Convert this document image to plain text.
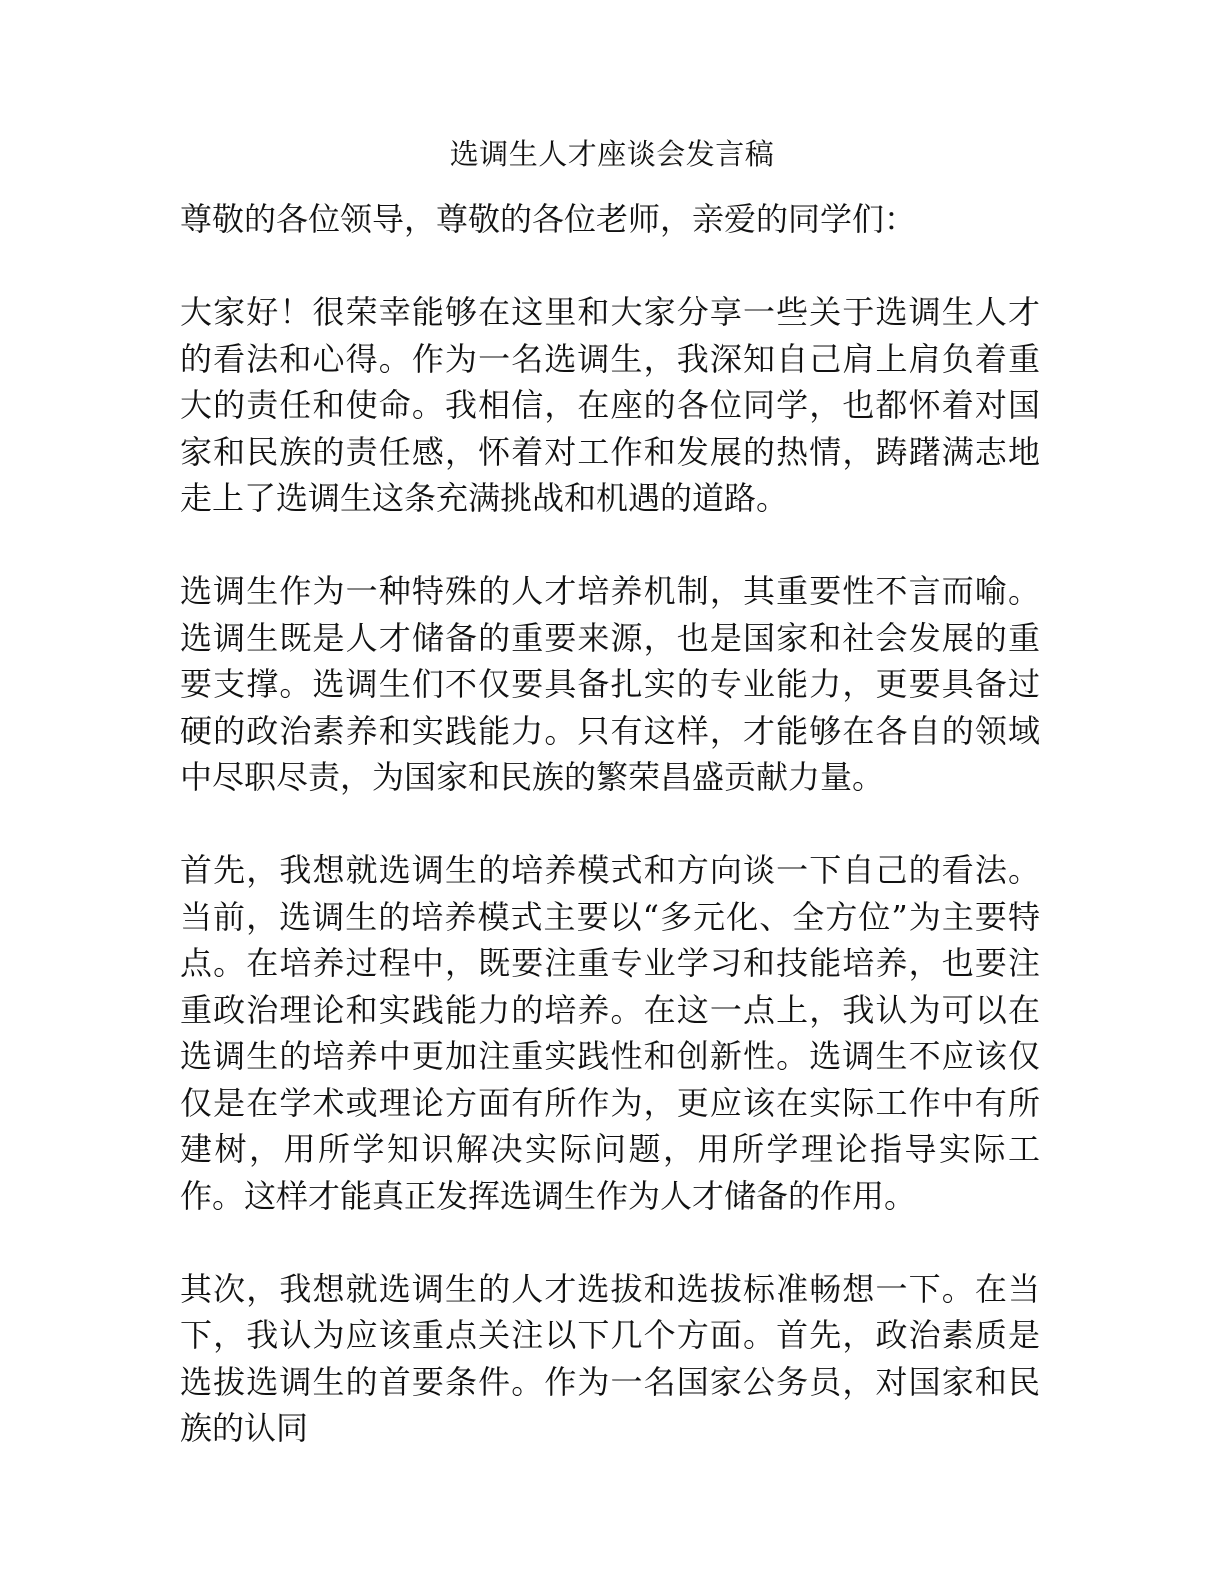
选调生人才座谈会发言稿

尊敬的各位领导，尊敬的各位老师，亲爱的同学们：

大家好！很荣幸能够在这里和大家分享一些关于选调生人才的看法和心得。作为一名选调生，我深知自己肩上肩负着重大的责任和使命。我相信，在座的各位同学，也都怀着对国家和民族的责任感，怀着对工作和发展的热情，踌躇满志地走上了选调生这条充满挑战和机遇的道路。

选调生作为一种特殊的人才培养机制，其重要性不言而喻。选调生既是人才储备的重要来源，也是国家和社会发展的重要支撑。选调生们不仅要具备扎实的专业能力，更要具备过硬的政治素养和实践能力。只有这样，才能够在各自的领域中尽职尽责，为国家和民族的繁荣昌盛贡献力量。

首先，我想就选调生的培养模式和方向谈一下自己的看法。当前，选调生的培养模式主要以“多元化、全方位”为主要特点。在培养过程中，既要注重专业学习和技能培养，也要注重政治理论和实践能力的培养。在这一点上，我认为可以在选调生的培养中更加注重实践性和创新性。选调生不应该仅仅是在学术或理论方面有所作为，更应该在实际工作中有所建树，用所学知识解决实际问题，用所学理论指导实际工作。这样才能真正发挥选调生作为人才储备的作用。

其次，我想就选调生的人才选拔和选拔标准畅想一下。在当下，我认为应该重点关注以下几个方面。首先，政治素质是选拔选调生的首要条件。作为一名国家公务员，对国家和民族的认同
